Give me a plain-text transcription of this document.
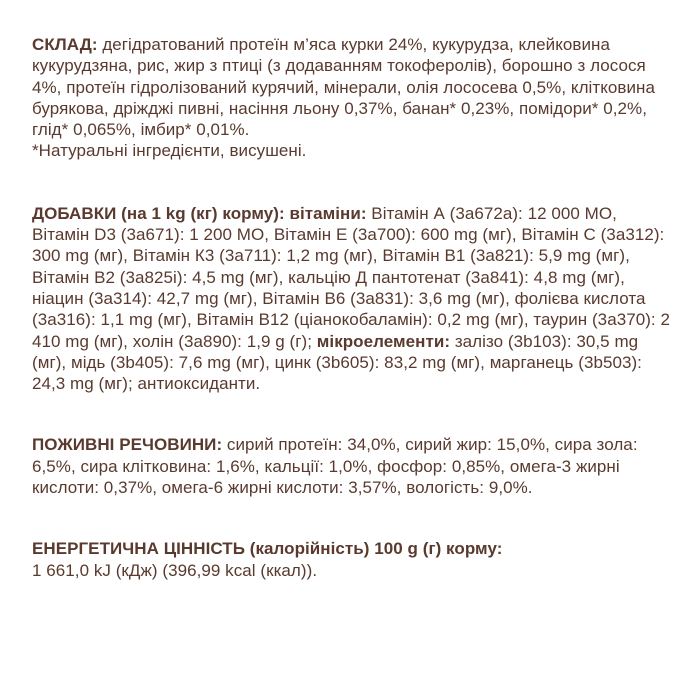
СКЛАД: дегідратований протеїн м’яса курки 24%, кукурудза, клейковина кукурудзяна, рис, жир з птиці (з додаванням токоферолів), борошно з лосося 4%, протеїн гідролізований курячий, мінерали, олія лососева 0,5%, клітковина бурякова, дріжджі пивні, насіння льону 0,37%, банан* 0,23%, помідори* 0,2%, глід* 0,065%, імбир* 0,01%.
*Натуральні інгредієнти, висушені.

ДОБАВКИ (на 1 kg (кг) корму): вітаміни: Вітамін А (3а672а): 12 000 МО, Вітамін D3 (3а671): 1 200 МО, Вітамін Е (3а700): 600 mg (мг), Вітамін С (3а312): 300 mg (мг), Вітамін К3 (3а711): 1,2 mg (мг), Вітамін В1 (3а821): 5,9 mg (мг), Вітамін В2 (3а825і): 4,5 mg (мг), кальцію Д пантотенат (3а841): 4,8 mg (мг), ніацин (3а314): 42,7 mg (мг), Вітамін В6 (3а831): 3,6 mg (мг), фолієва кислота (3а316): 1,1 mg (мг), Вітамін В12 (ціанокобаламін): 0,2 mg (мг), таурин (3а370): 2 410 mg (мг), холін (3а890): 1,9 g (г); мікроелементи: залізо (3b103): 30,5 mg (мг), мідь (3b405): 7,6 mg (мг), цинк (3b605): 83,2 mg (мг), марганець (3b503): 24,3 mg (мг); антиоксиданти.

ПОЖИВНІ РЕЧОВИНИ: сирий протеїн: 34,0%, сирий жир: 15,0%, сира зола: 6,5%, сира клітковина: 1,6%, кальції: 1,0%, фосфор: 0,85%, омега-3 жирні кислоти: 0,37%, омега-6 жирні кислоти: 3,57%, вологість: 9,0%.

ЕНЕРГЕТИЧНА ЦІННІСТЬ (калорійність) 100 g (г) корму:
1 661,0 kJ (кДж) (396,99 kcal (ккал)).
